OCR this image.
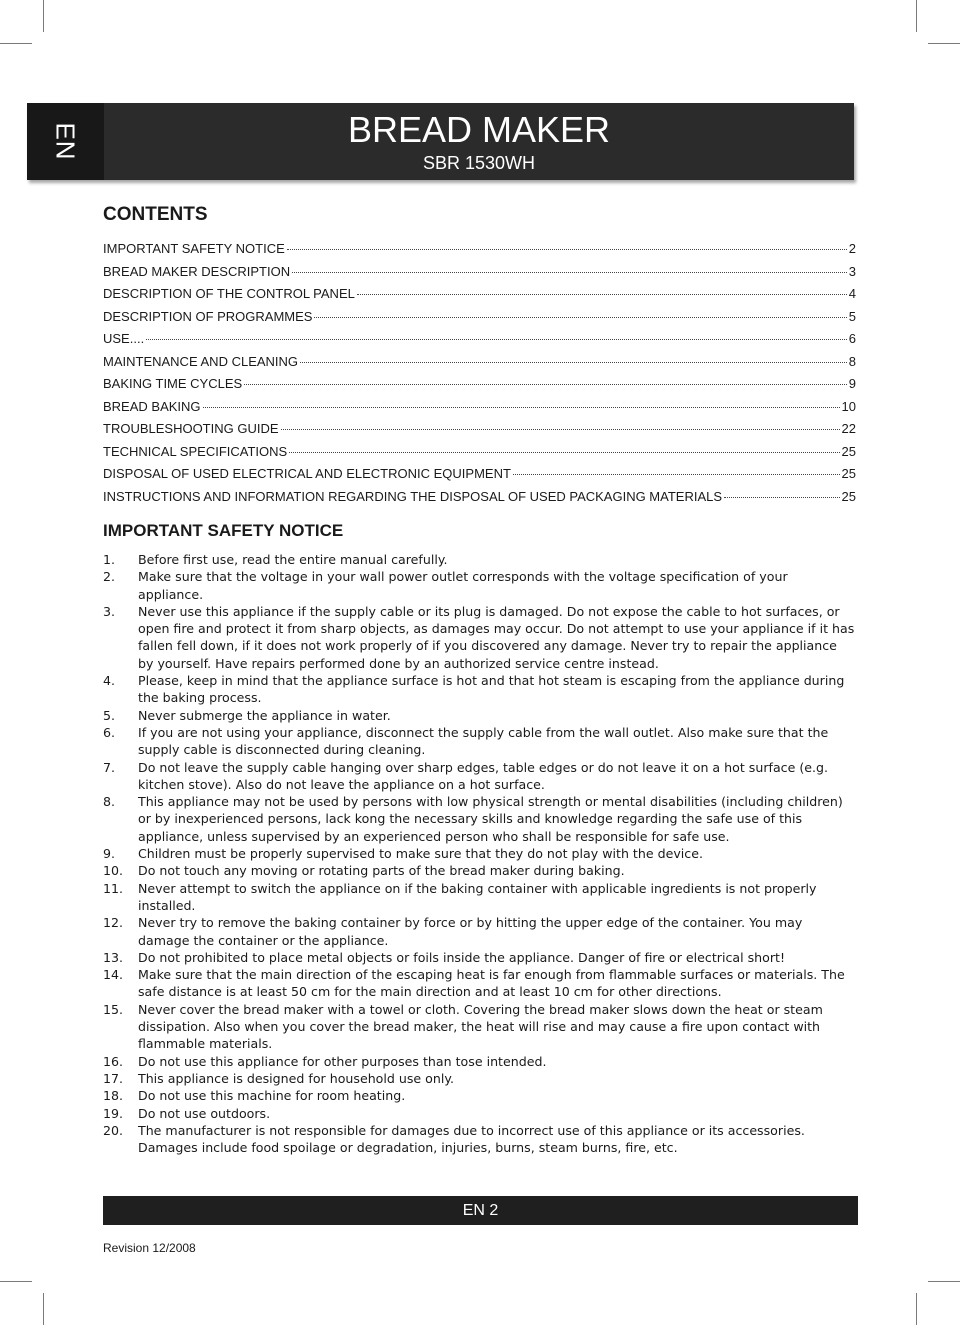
EN	BREAD MAKER
SBR 1530WH
CONTENTS
IMPORTANT SAFETY NOTICE	2
BREAD MAKER DESCRIPTION	3
DESCRIPTION OF THE CONTROL PANEL	4
DESCRIPTION OF PROGRAMMES	5
USE....	6
MAINTENANCE AND CLEANING	8
BAKING TIME CYCLES	9
BREAD BAKING	10
TROUBLESHOOTING GUIDE	22
TECHNICAL SPECIFICATIONS	25
DISPOSAL OF USED ELECTRICAL AND ELECTRONIC EQUIPMENT	25
INSTRUCTIONS AND INFORMATION REGARDING THE DISPOSAL OF USED PACKAGING MATERIALS	25
IMPORTANT SAFETY NOTICE
1.	Before first use, read the entire manual carefully.
2.	Make sure that the voltage in your wall power outlet corresponds with the voltage specification of your appliance.
3.	Never use this appliance if the supply cable or its plug is damaged. Do not expose the cable to hot surfaces, or open fire and protect it from sharp objects, as damages may occur. Do not attempt to use your appliance if it has fallen fell down, if it does not work properly of if you discovered any damage. Never try to repair the appliance by yourself. Have repairs performed done by an authorized service centre instead.
4.	Please, keep in mind that the appliance surface is hot and that hot steam is escaping from the appliance during the baking process.
5.	Never submerge the appliance in water.
6.	If you are not using your appliance, disconnect the supply cable from the wall outlet. Also make sure that the supply cable is disconnected during cleaning.
7.	Do not leave the supply cable hanging over sharp edges, table edges or do not leave it on a hot surface (e.g. kitchen stove). Also do not leave the appliance on a hot surface.
8.	This appliance may not be used by persons with low physical strength or mental disabilities (including children) or by inexperienced persons, lack kong the necessary skills and knowledge regarding the safe use of this appliance, unless supervised by an experienced person who shall be responsible for safe use.
9.	Children must be properly supervised to make sure that they do not play with the device.
10.	Do not touch any moving or rotating parts of the bread maker during baking.
11.	Never attempt to switch the appliance on if the baking container with applicable ingredients is not properly installed.
12.	Never try to remove the baking container by force or by hitting the upper edge of the container. You may damage the container or the appliance.
13.	Do not prohibited to place metal objects or foils inside the appliance. Danger of fire or electrical short!
14.	Make sure that the main direction of the escaping heat is far enough from flammable surfaces or materials. The safe distance is at least 50 cm for the main direction and at least 10 cm for other directions.
15.	Never cover the bread maker with a towel or cloth. Covering the bread maker slows down the heat or steam dissipation. Also when you cover the bread maker, the heat will rise and may cause a fire upon contact with flammable materials.
16.	Do not use this appliance for other purposes than tose intended.
17.	This appliance is designed for household use only.
18.	Do not use this machine for room heating.
19.	Do not use outdoors.
20.	The manufacturer is not responsible for damages due to incorrect use of this appliance or its accessories. Damages include food spoilage or degradation, injuries, burns, steam burns, fire, etc.
EN 2
Revision 12/2008
